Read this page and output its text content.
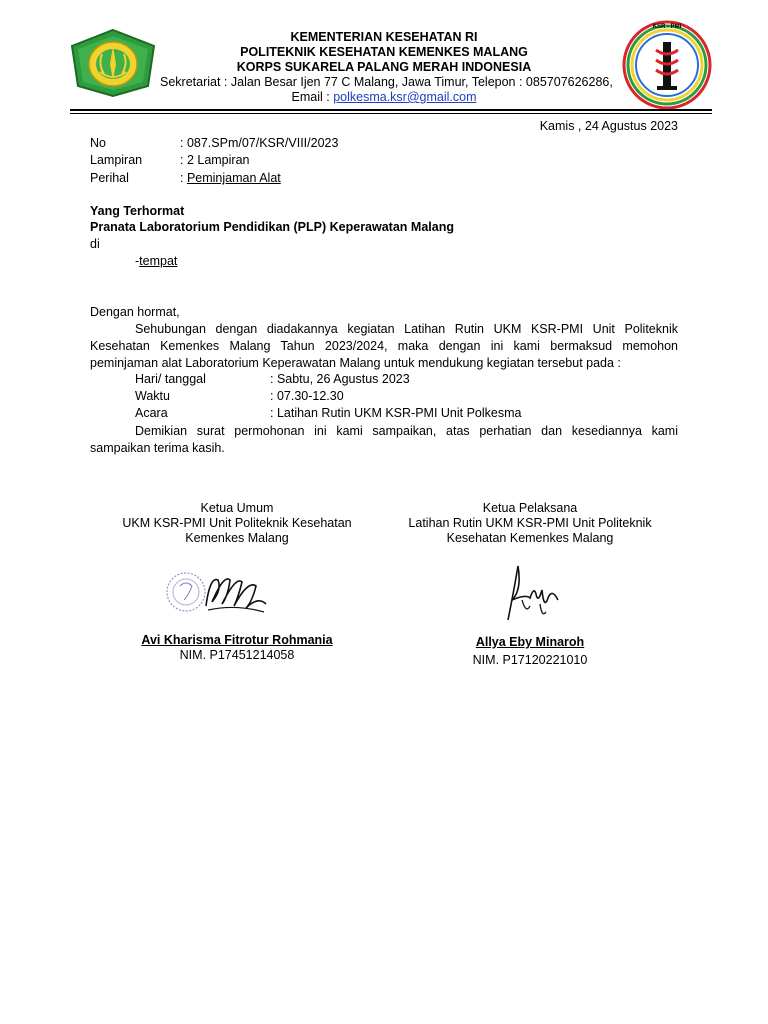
KSR - PMI
KEMENTERIAN KESEHATAN RI
POLITEKNIK KESEHATAN KEMENKES MALANG
KORPS SUKARELA PALANG MERAH INDONESIA
Sekretariat : Jalan Besar Ijen 77 C Malang, Jawa Timur, Telepon : 085707626286,
Email : polkesma.ksr@gmail.com
Kamis , 24 Agustus 2023
No	: 087.SPm/07/KSR/VIII/2023
Lampiran	: 2 Lampiran
Perihal	: Peminjaman Alat
Yang Terhormat
Pranata Laboratorium Pendidikan (PLP) Keperawatan Malang
di
-tempat
Dengan hormat,
Sehubungan dengan diadakannya kegiatan Latihan Rutin UKM KSR-PMI Unit Politeknik Kesehatan Kemenkes Malang Tahun 2023/2024, maka dengan ini kami bermaksud memohon peminjaman alat Laboratorium Keperawatan Malang untuk mendukung kegiatan tersebut pada :
Hari/ tanggal	: Sabtu, 26 Agustus 2023
Waktu	: 07.30-12.30
Acara	: Latihan Rutin UKM KSR-PMI Unit Polkesma
Demikian surat permohonan ini kami sampaikan, atas perhatian dan kesediannya kami sampaikan terima kasih.
Ketua Umum
UKM KSR-PMI Unit Politeknik Kesehatan
Kemenkes Malang
Avi Kharisma Fitrotur Rohmania
NIM. P17451214058
Ketua Pelaksana
Latihan Rutin UKM KSR-PMI Unit Politeknik
Kesehatan Kemenkes Malang
Allya Eby Minaroh
NIM. P17120221010
